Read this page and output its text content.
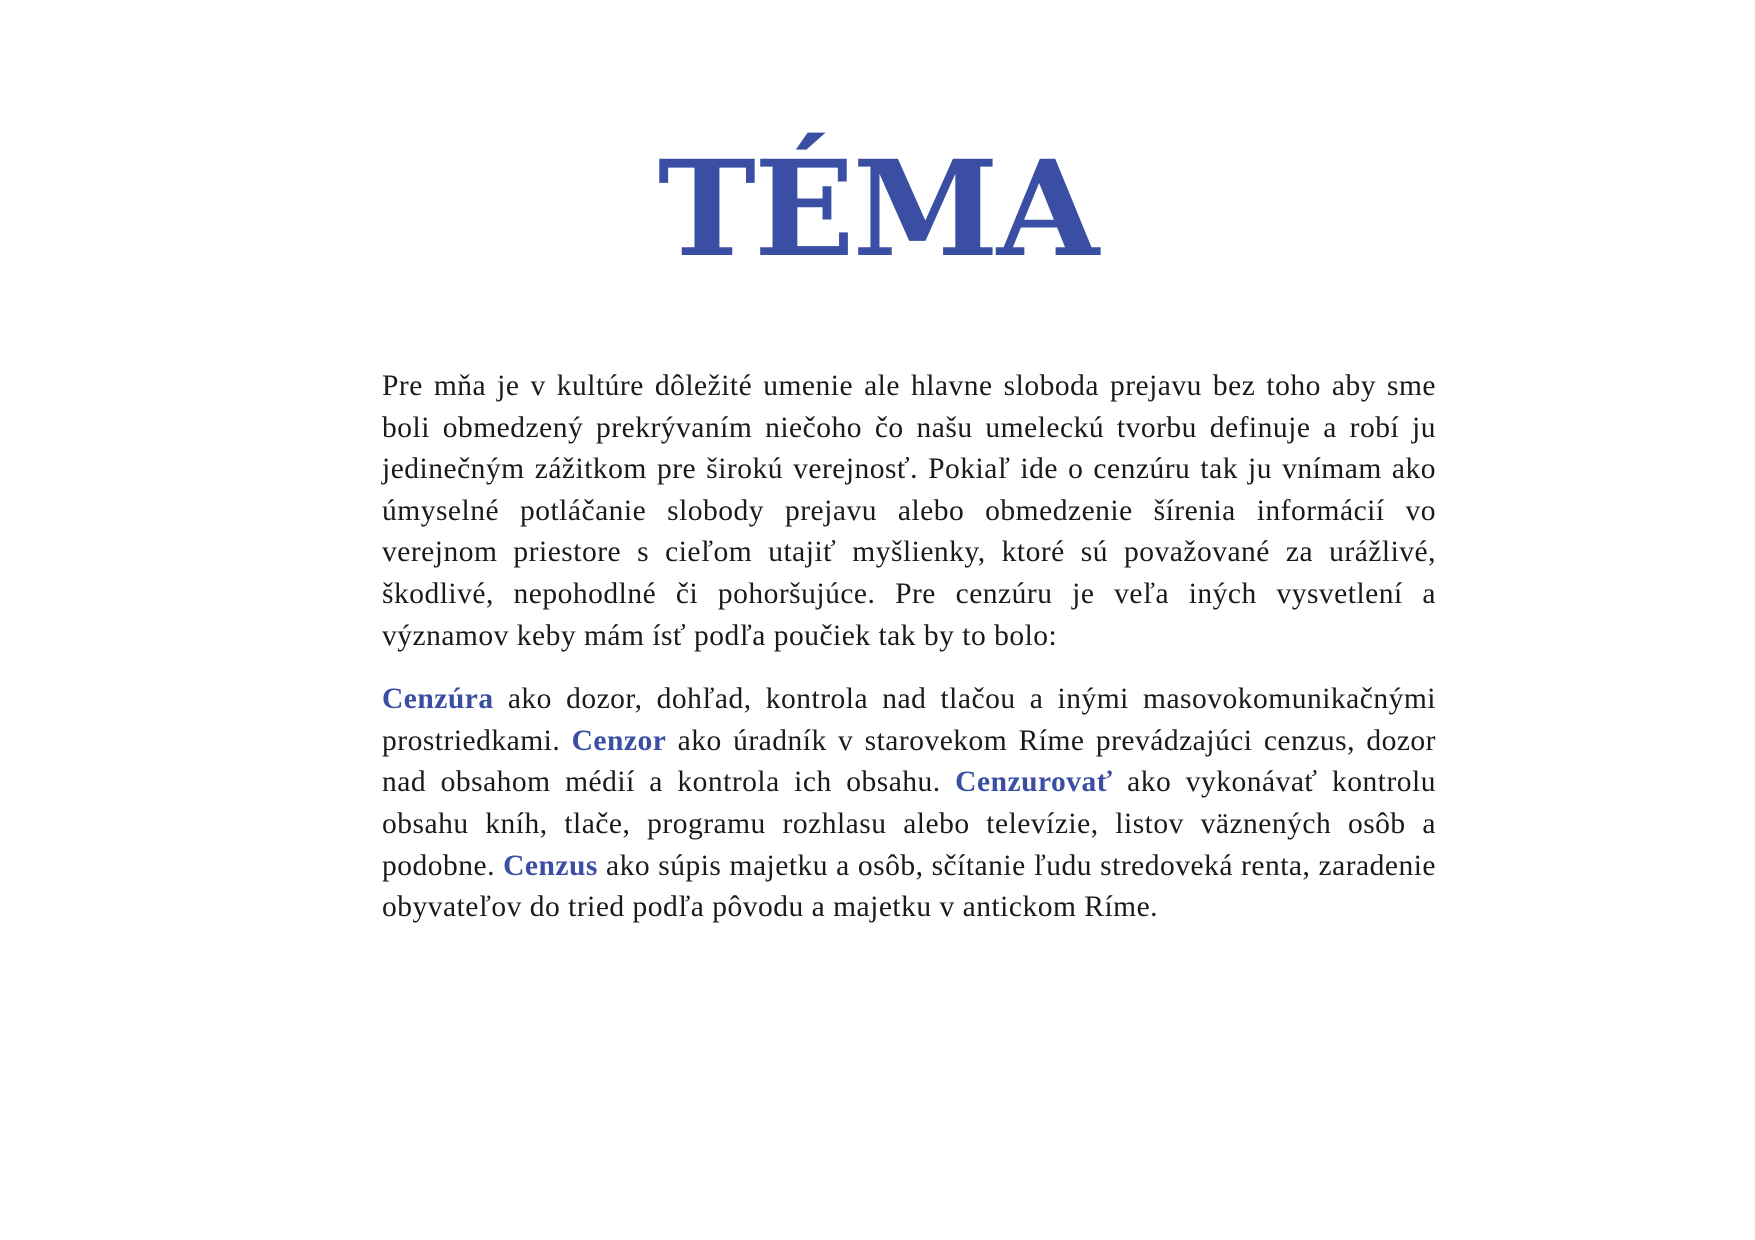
TÉMA

Pre mňa je v kultúre dôležité umenie ale hlavne sloboda prejavu bez toho aby sme boli obmedzený prekrývaním niečoho čo našu umeleckú tvorbu definuje a robí ju jedinečným zážitkom pre širokú verejnosť. Pokiaľ ide o cenzúru tak ju vnímam ako úmyselné potláčanie slobody prejavu alebo obmedzenie šírenia informácií vo verejnom priestore s cieľom utajiť myšlienky, ktoré sú považované za urážlivé, škodlivé, nepohodlné či pohoršujúce. Pre cenzúru je veľa iných vysvetlení a významov keby mám ísť podľa poučiek tak by to bolo:

Cenzúra ako dozor, dohľad, kontrola nad tlačou a inými masovokomunikačnými prostriedkami. Cenzor ako úradník v starovekom Ríme prevádzajúci cenzus, dozor nad obsahom médií a kontrola ich obsahu. Cenzurovať ako vykonávať kontrolu obsahu kníh, tlače, programu rozhlasu alebo televízie, listov väznených osôb a podobne. Cenzus ako súpis majetku a osôb, sčítanie ľudu stredoveká renta, zaradenie obyvateľov do tried podľa pôvodu a majetku v antickom Ríme.
